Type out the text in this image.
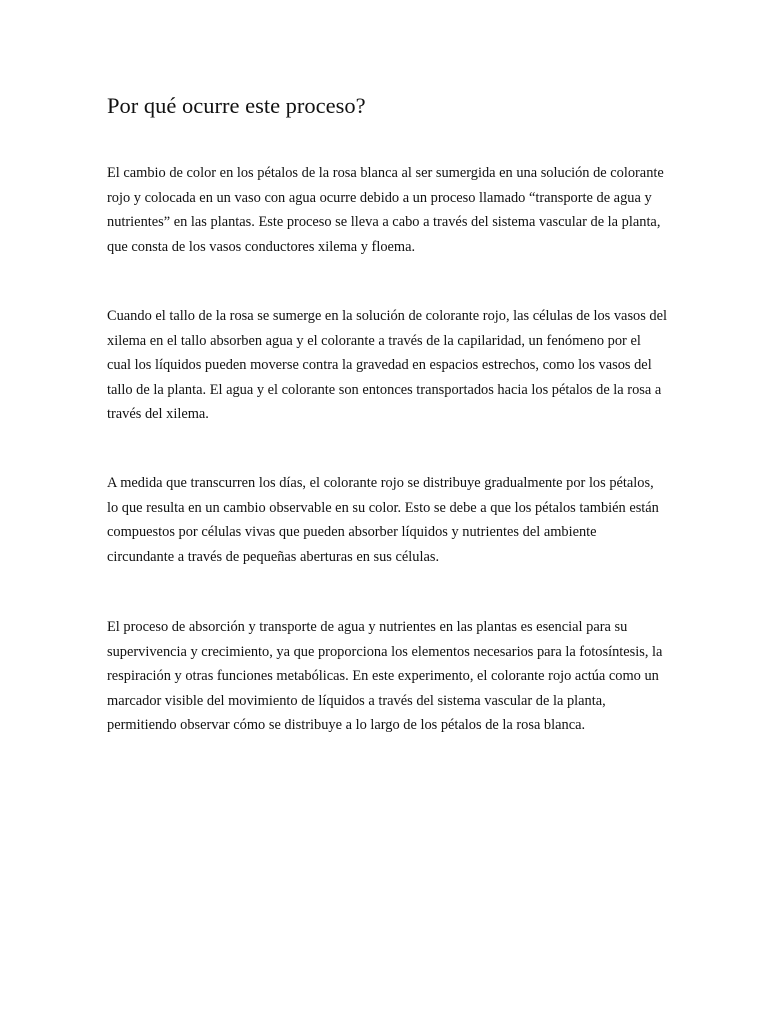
Por qué ocurre este proceso?

El cambio de color en los pétalos de la rosa blanca al ser sumergida en una solución de colorante rojo y colocada en un vaso con agua ocurre debido a un proceso llamado “transporte de agua y nutrientes” en las plantas. Este proceso se lleva a cabo a través del sistema vascular de la planta, que consta de los vasos conductores xilema y floema.

Cuando el tallo de la rosa se sumerge en la solución de colorante rojo, las células de los vasos del xilema en el tallo absorben agua y el colorante a través de la capilaridad, un fenómeno por el cual los líquidos pueden moverse contra la gravedad en espacios estrechos, como los vasos del tallo de la planta. El agua y el colorante son entonces transportados hacia los pétalos de la rosa a través del xilema.

A medida que transcurren los días, el colorante rojo se distribuye gradualmente por los pétalos, lo que resulta en un cambio observable en su color. Esto se debe a que los pétalos también están compuestos por células vivas que pueden absorber líquidos y nutrientes del ambiente circundante a través de pequeñas aberturas en sus células.

El proceso de absorción y transporte de agua y nutrientes en las plantas es esencial para su supervivencia y crecimiento, ya que proporciona los elementos necesarios para la fotosíntesis, la respiración y otras funciones metabólicas. En este experimento, el colorante rojo actúa como un marcador visible del movimiento de líquidos a través del sistema vascular de la planta, permitiendo observar cómo se distribuye a lo largo de los pétalos de la rosa blanca.
